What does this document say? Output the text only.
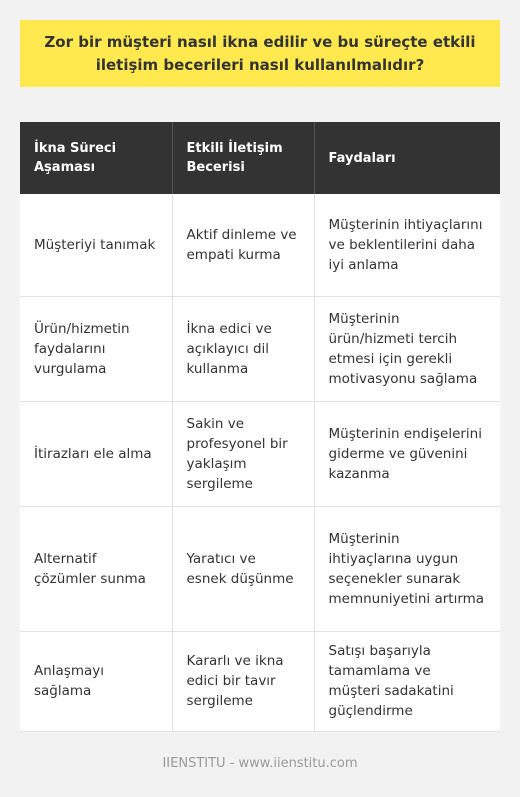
Zor bir müşteri nasıl ikna edilir ve bu süreçte etkili iletişim becerileri nasıl kullanılmalıdır?
İkna Süreci Aşaması	Etkili İletişim Becerisi	Faydaları
Müşteriyi tanımak	Aktif dinleme ve empati kurma	Müşterinin ihtiyaçlarını ve beklentilerini daha iyi anlama
Ürün/hizmetin faydalarını vurgulama	İkna edici ve açıklayıcı dil kullanma	Müşterinin ürün/hizmeti tercih etmesi için gerekli motivasyonu sağlama
İtirazları ele alma	Sakin ve profesyonel bir yaklaşım sergileme	Müşterinin endişelerini giderme ve güvenini kazanma
Alternatif çözümler sunma	Yaratıcı ve esnek düşünme	Müşterinin ihtiyaçlarına uygun seçenekler sunarak memnuniyetini artırma
Anlaşmayı sağlama	Kararlı ve ikna edici bir tavır sergileme	Satışı başarıyla tamamlama ve müşteri sadakatini güçlendirme
IIENSTITU - www.iienstitu.com
